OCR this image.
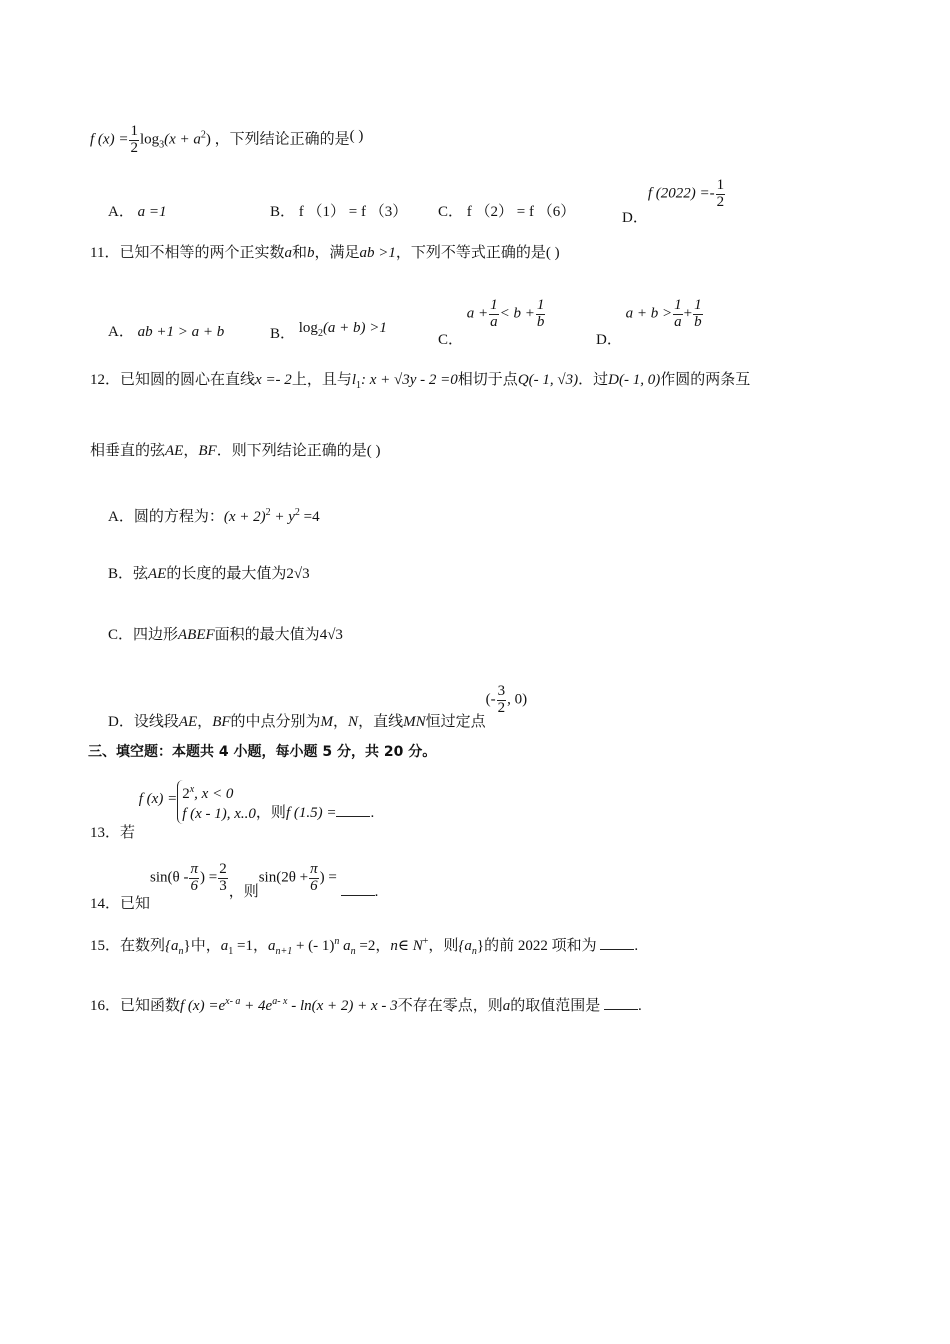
f $(x) = \frac{1}{2} \log_3(x + a^2)$ ，下列结论正确的是( )
A． a =1	B． f （1） = f （3） C． f （2） = f （6）	D．f $(2022) =- \frac{1}{2}$
11．已知不相等的两个正实数a和b，满足ab >1，下列不等式正确的是( )
A． ab +1 > a + b	B． $\log_2(a + b) >1$
C． $a + \frac{1}{a} < b + \frac{1}{b}$
D． $a + b > \frac{1}{a} + \frac{1}{b}$
12．已知圆的圆心在直线x =- 2上，且与$l_1$: x + √3y - 2 =0相切于点Q(- 1, √3)．过D(- 1, 0)作圆的两条互
相垂直的弦AE，BF．则下列结论正确的是( )
A．圆的方程为：$(x + 2)^2 + y^2 =4$
B．弦AE的长度的最大值为2√3
C．四边形ABEF面积的最大值为4√3
D．设线段AE，BF的中点分别为M，N，直线MN恒过定点(- $\frac{3}{2}$ , 0)
三、填空题：本题共 4 小题，每小题 5 分，共 20 分。
13．若 f $(x) = 2^x$, x < 0
f (x - 1), x..0，则f (1.5) = .
14．已知$\sin(\theta - \frac{\pi}{6}$ ) = $\frac{2}{3}$ ，则$\sin(2\theta + \frac{\pi}{6}$ ) = .
15．在数列$\{a_n\}$中，$a_1 =1$，$a_{n+1}$ + (- 1)$^n$ $a_n =2$，n∈ N+，则$\{a_n\}$的前 2022 项和为	.
16．已知函数f $(x) =e^{x- a} + 4e^{a- x} - \ln(x + 2) + x - 3$不存在零点，则a的取值范围是	.
